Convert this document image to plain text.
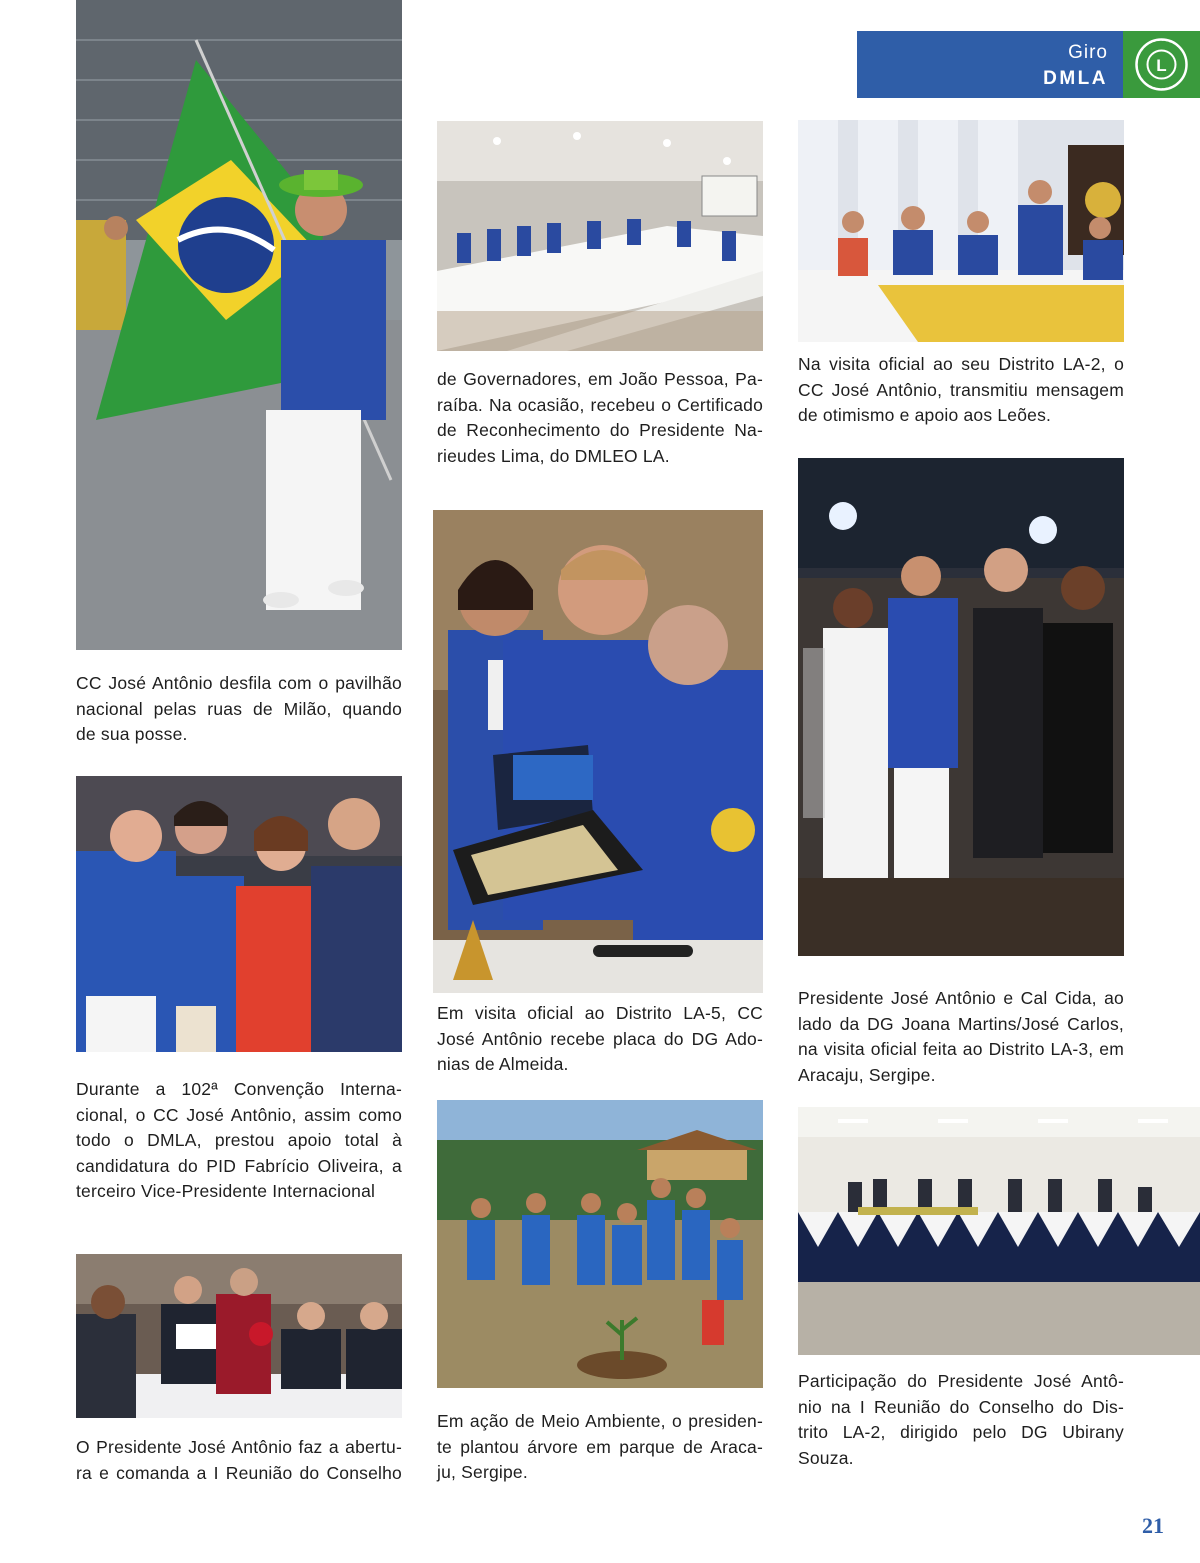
Giro
DMLA
L
CC José Antônio desfila com o pavilhão
nacional pelas ruas de Milão, quando
de sua posse.
de Governadores, em João Pessoa, Pa-
raíba. Na ocasião, recebeu o Certificado
de Reconhecimento do Presidente Na-
rieudes Lima, do DMLEO LA.
Na visita oficial ao seu Distrito LA-2, o
CC José Antônio, transmitiu mensagem
de otimismo e apoio aos Leões.
Em visita oficial ao Distrito LA-5, CC
José Antônio recebe placa do DG Ado-
nias de Almeida.
Presidente José Antônio e Cal Cida, ao
lado da DG Joana Martins/José Carlos,
na visita oficial feita ao Distrito LA-3, em
Aracaju, Sergipe.
Durante a 102ª Convenção Interna-
cional, o CC José Antônio, assim como
todo o DMLA, prestou apoio total à
candidatura do PID Fabrício Oliveira, a
terceiro Vice-Presidente Internacional
Em ação de Meio Ambiente, o presiden-
te plantou árvore em parque de Araca-
ju, Sergipe.
O Presidente José Antônio faz a abertu-
ra e comanda a I Reunião do Conselho
Participação do Presidente José Antô-
nio na I Reunião do Conselho do Dis-
trito LA-2, dirigido pelo DG Ubirany
Souza.
21
